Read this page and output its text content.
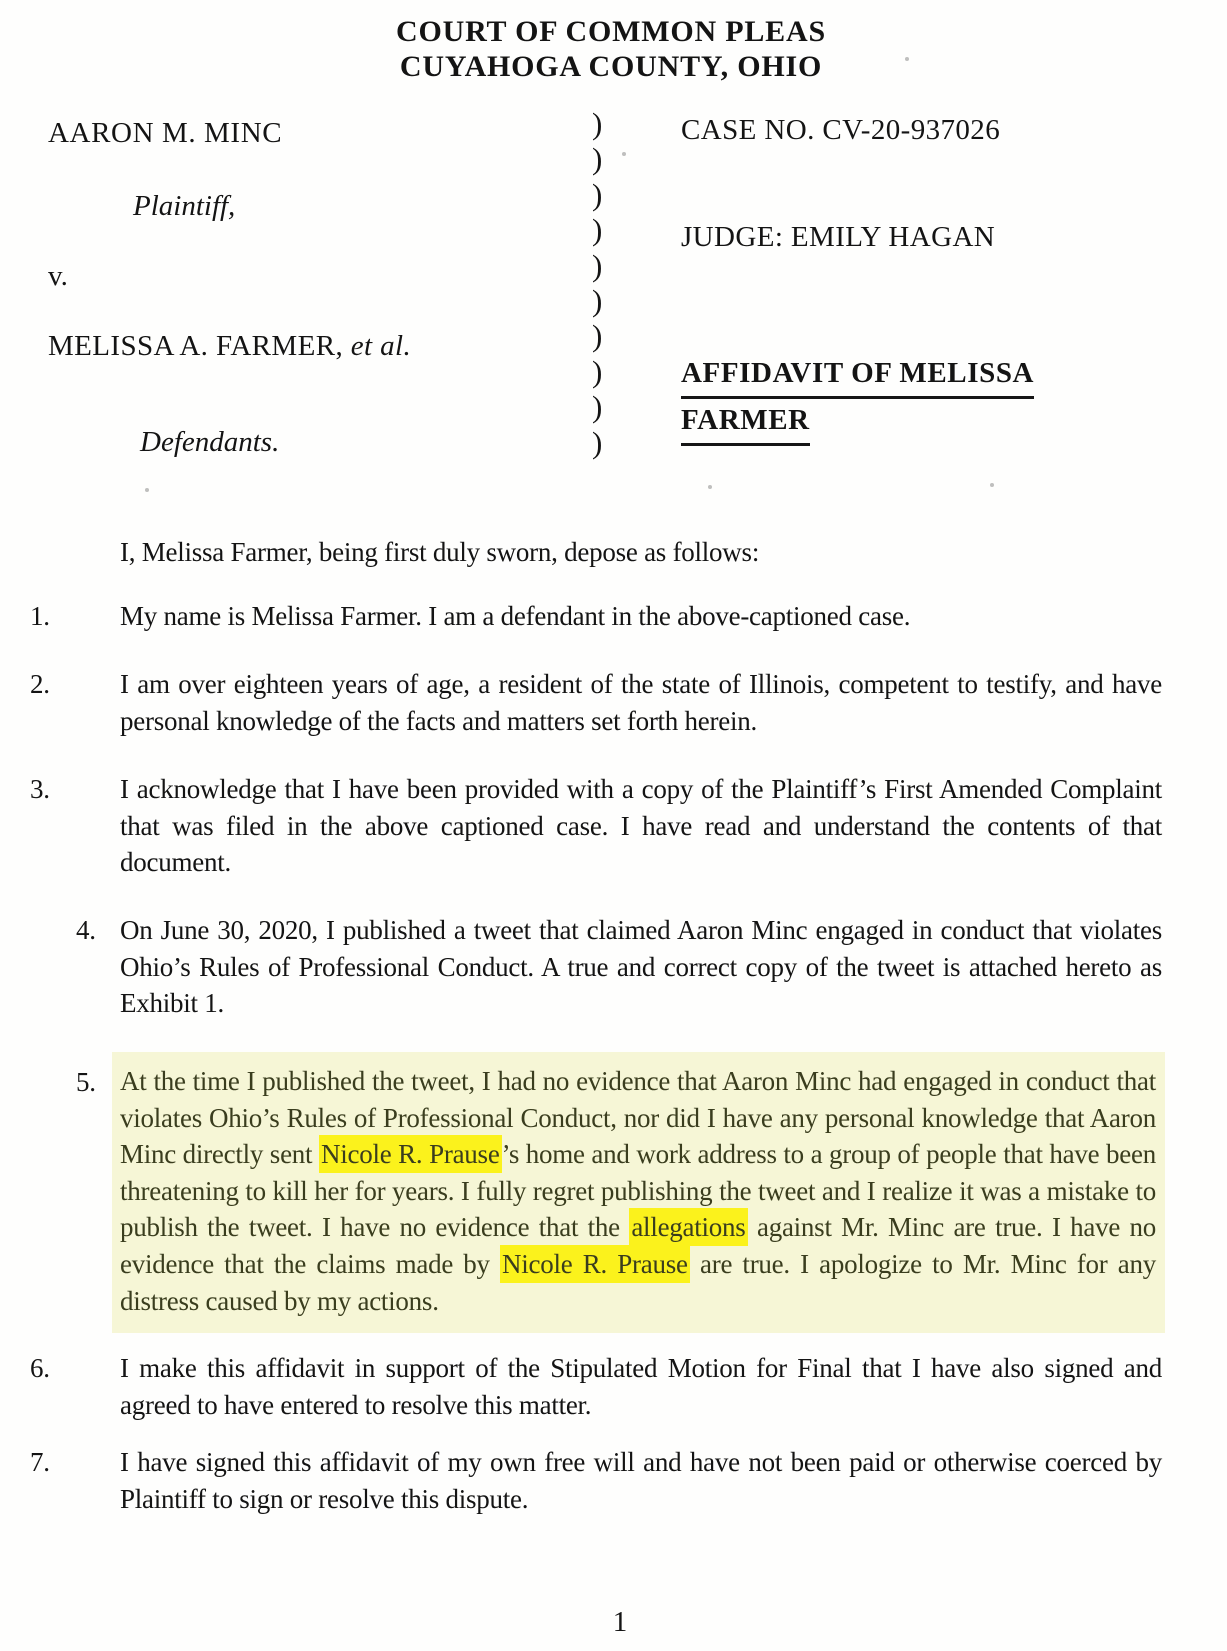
COURT OF COMMON PLEAS
CUYAHOGA COUNTY, OHIO
AARON M. MINC
Plaintiff,
v.
MELISSA A. FARMER, et al.
Defendants.
)
)
)
)
)
)
)
)
)
)
CASE NO. CV-20-937026
JUDGE: EMILY HAGAN
AFFIDAVIT OF MELISSA
FARMER
I, Melissa Farmer, being first duly sworn, depose as follows:
1.	My name is Melissa Farmer. I am a defendant in the above-captioned case.
2.	I am over eighteen years of age, a resident of the state of Illinois, competent to testify, and have personal knowledge of the facts and matters set forth herein.
3.	I acknowledge that I have been provided with a copy of the Plaintiff’s First Amended Complaint that was filed in the above captioned case. I have read and understand the contents of that document.
4. On June 30, 2020, I published a tweet that claimed Aaron Minc engaged in conduct that violates Ohio’s Rules of Professional Conduct. A true and correct copy of the tweet is attached hereto as Exhibit 1.
5. At the time I published the tweet, I had no evidence that Aaron Minc had engaged in conduct that violates Ohio’s Rules of Professional Conduct, nor did I have any personal knowledge that Aaron Minc directly sent Nicole R. Prause’s home and work address to a group of people that have been threatening to kill her for years. I fully regret publishing the tweet and I realize it was a mistake to publish the tweet. I have no evidence that the allegations against Mr. Minc are true. I have no evidence that the claims made by Nicole R. Prause are true. I apologize to Mr. Minc for any distress caused by my actions.
6.	I make this affidavit in support of the Stipulated Motion for Final that I have also signed and agreed to have entered to resolve this matter.
7.	I have signed this affidavit of my own free will and have not been paid or otherwise coerced by Plaintiff to sign or resolve this dispute.
1
